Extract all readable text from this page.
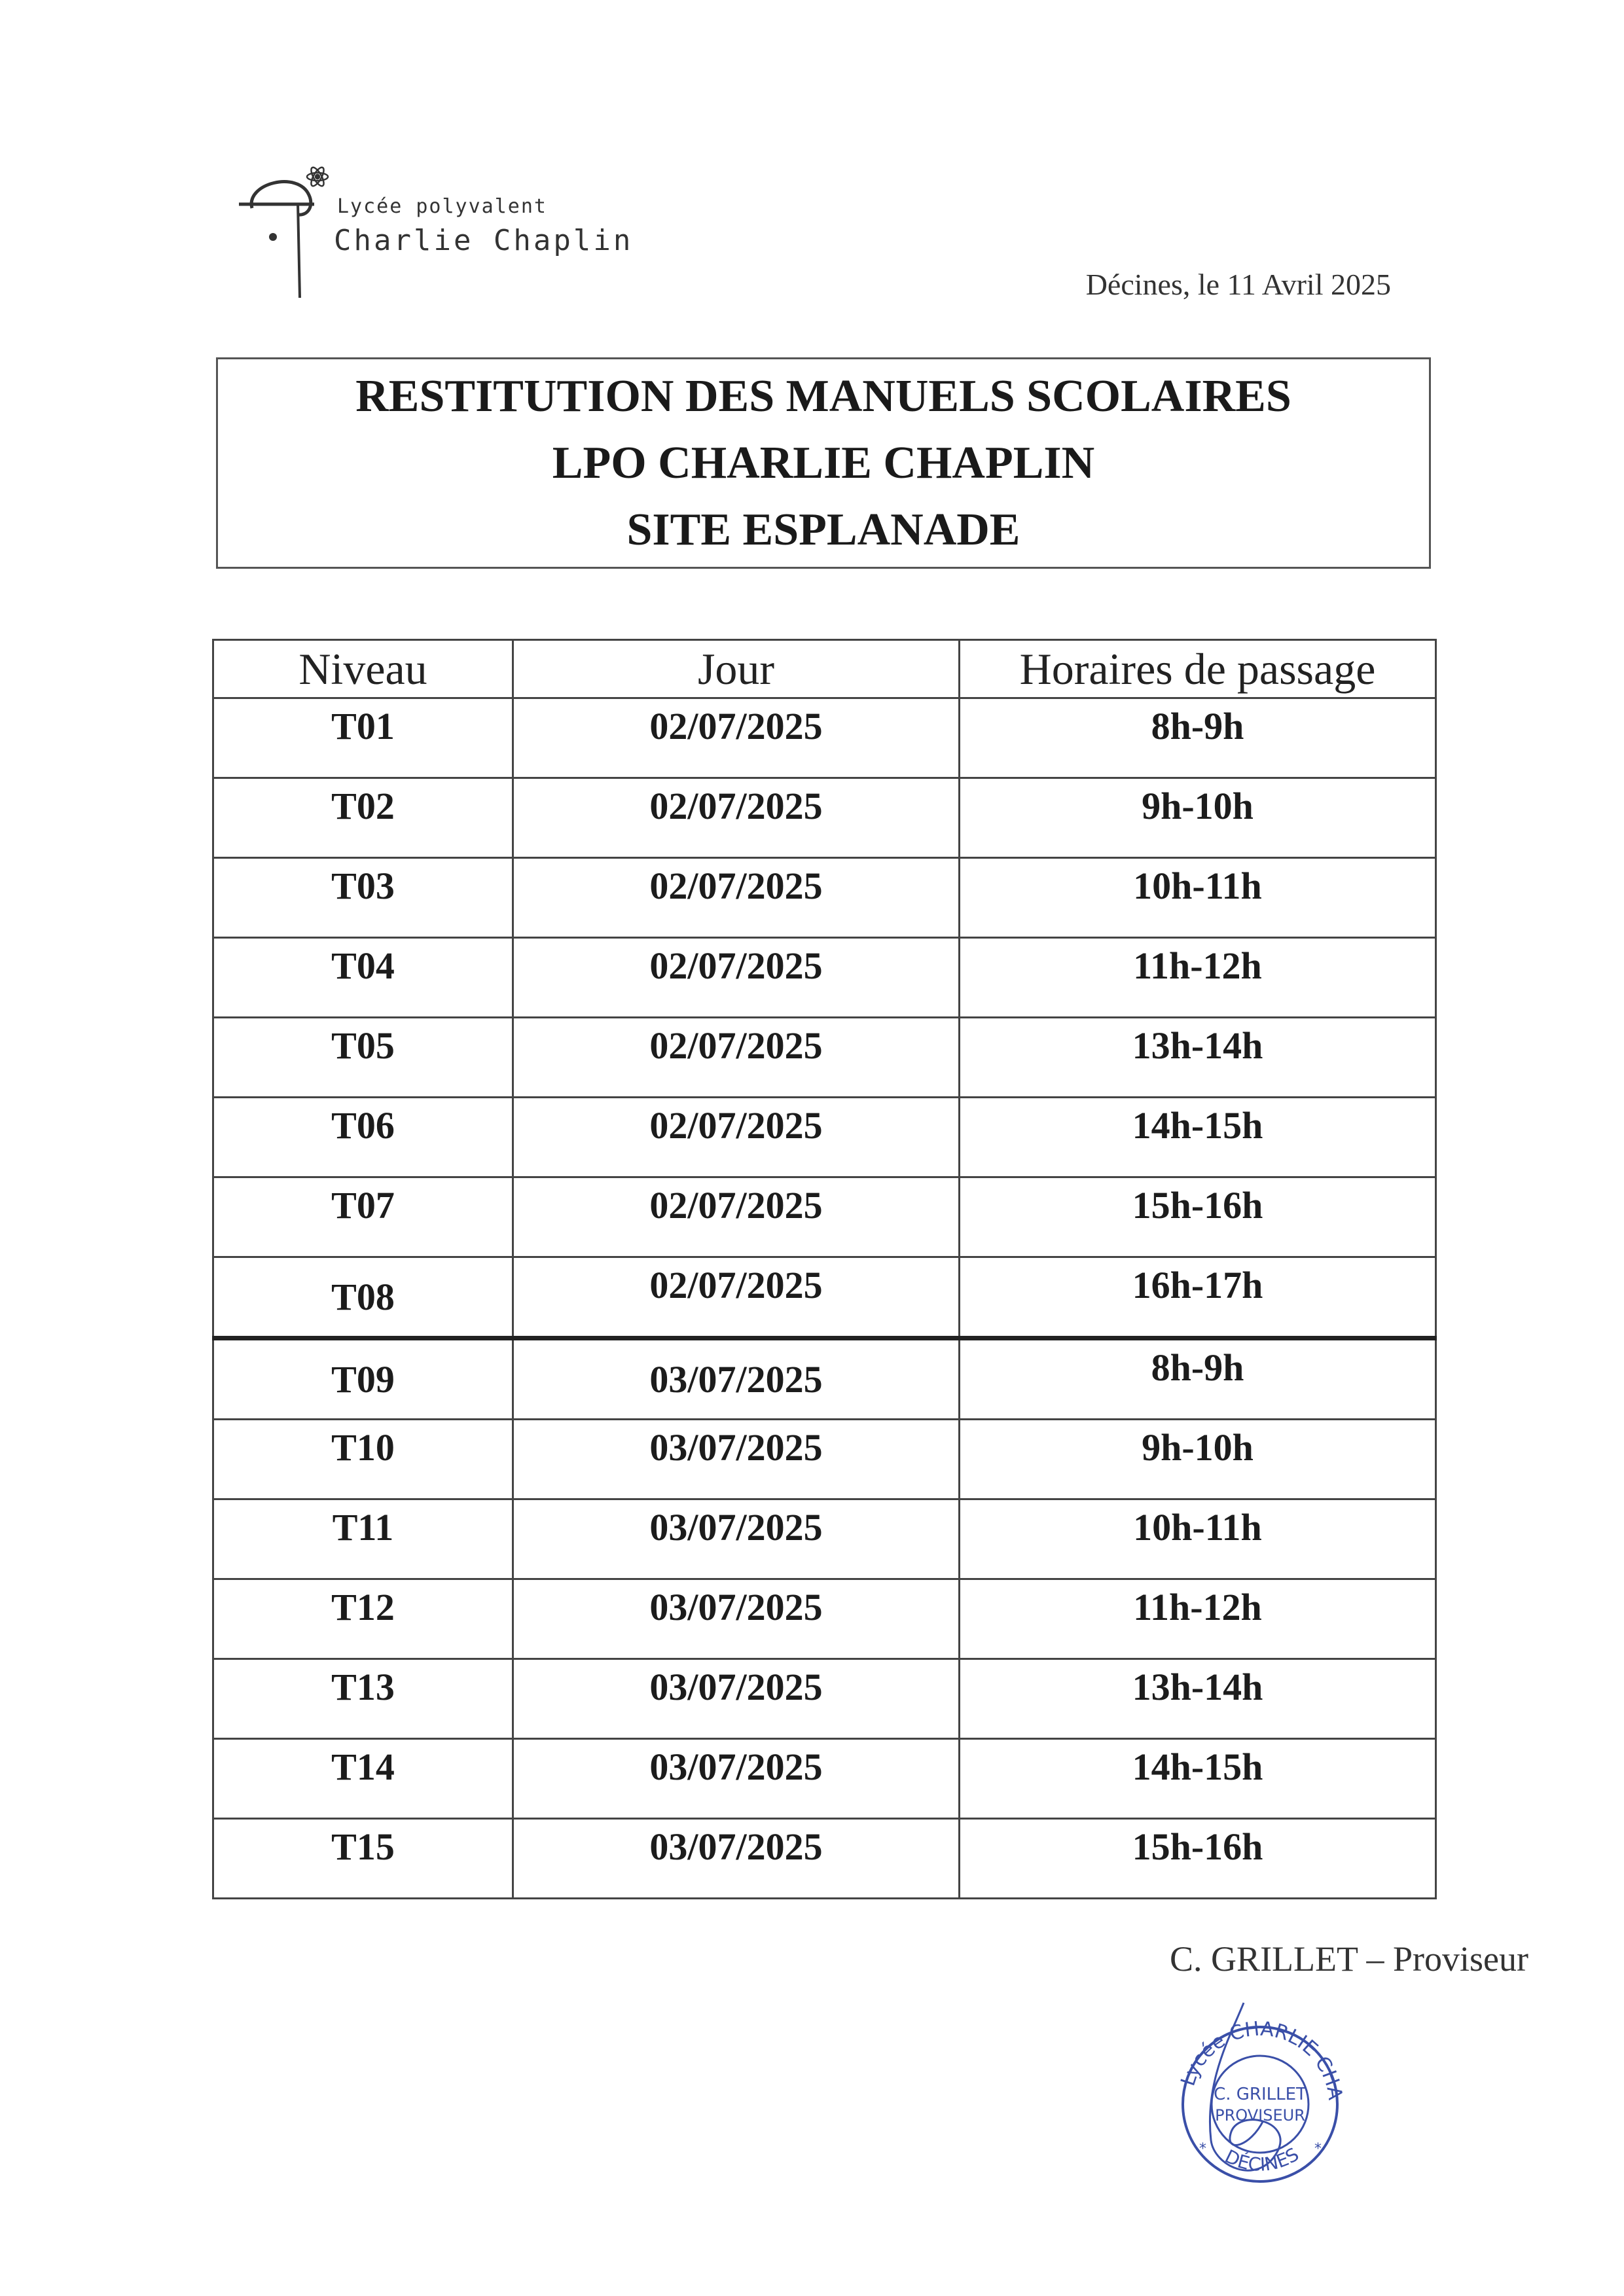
Lycée polyvalent
Charlie Chaplin
Décines, le 11 Avril 2025
RESTITUTION DES MANUELS SCOLAIRES
LPO CHARLIE CHAPLIN
SITE ESPLANADE
Niveau	Jour	Horaires de passage
T01	02/07/2025	8h-9h
T02	02/07/2025	9h-10h
T03	02/07/2025	10h-11h
T04	02/07/2025	11h-12h
T05	02/07/2025	13h-14h
T06	02/07/2025	14h-15h
T07	02/07/2025	15h-16h
T08	02/07/2025	16h-17h
T09	03/07/2025	8h-9h
T10	03/07/2025	9h-10h
T11	03/07/2025	10h-11h
T12	03/07/2025	11h-12h
T13	03/07/2025	13h-14h
T14	03/07/2025	14h-15h
T15	03/07/2025	15h-16h
C. GRILLET – Proviseur
Lycée CHARLIE CHA
DÉCINES
C. GRILLET
PROVISEUR
*	*
